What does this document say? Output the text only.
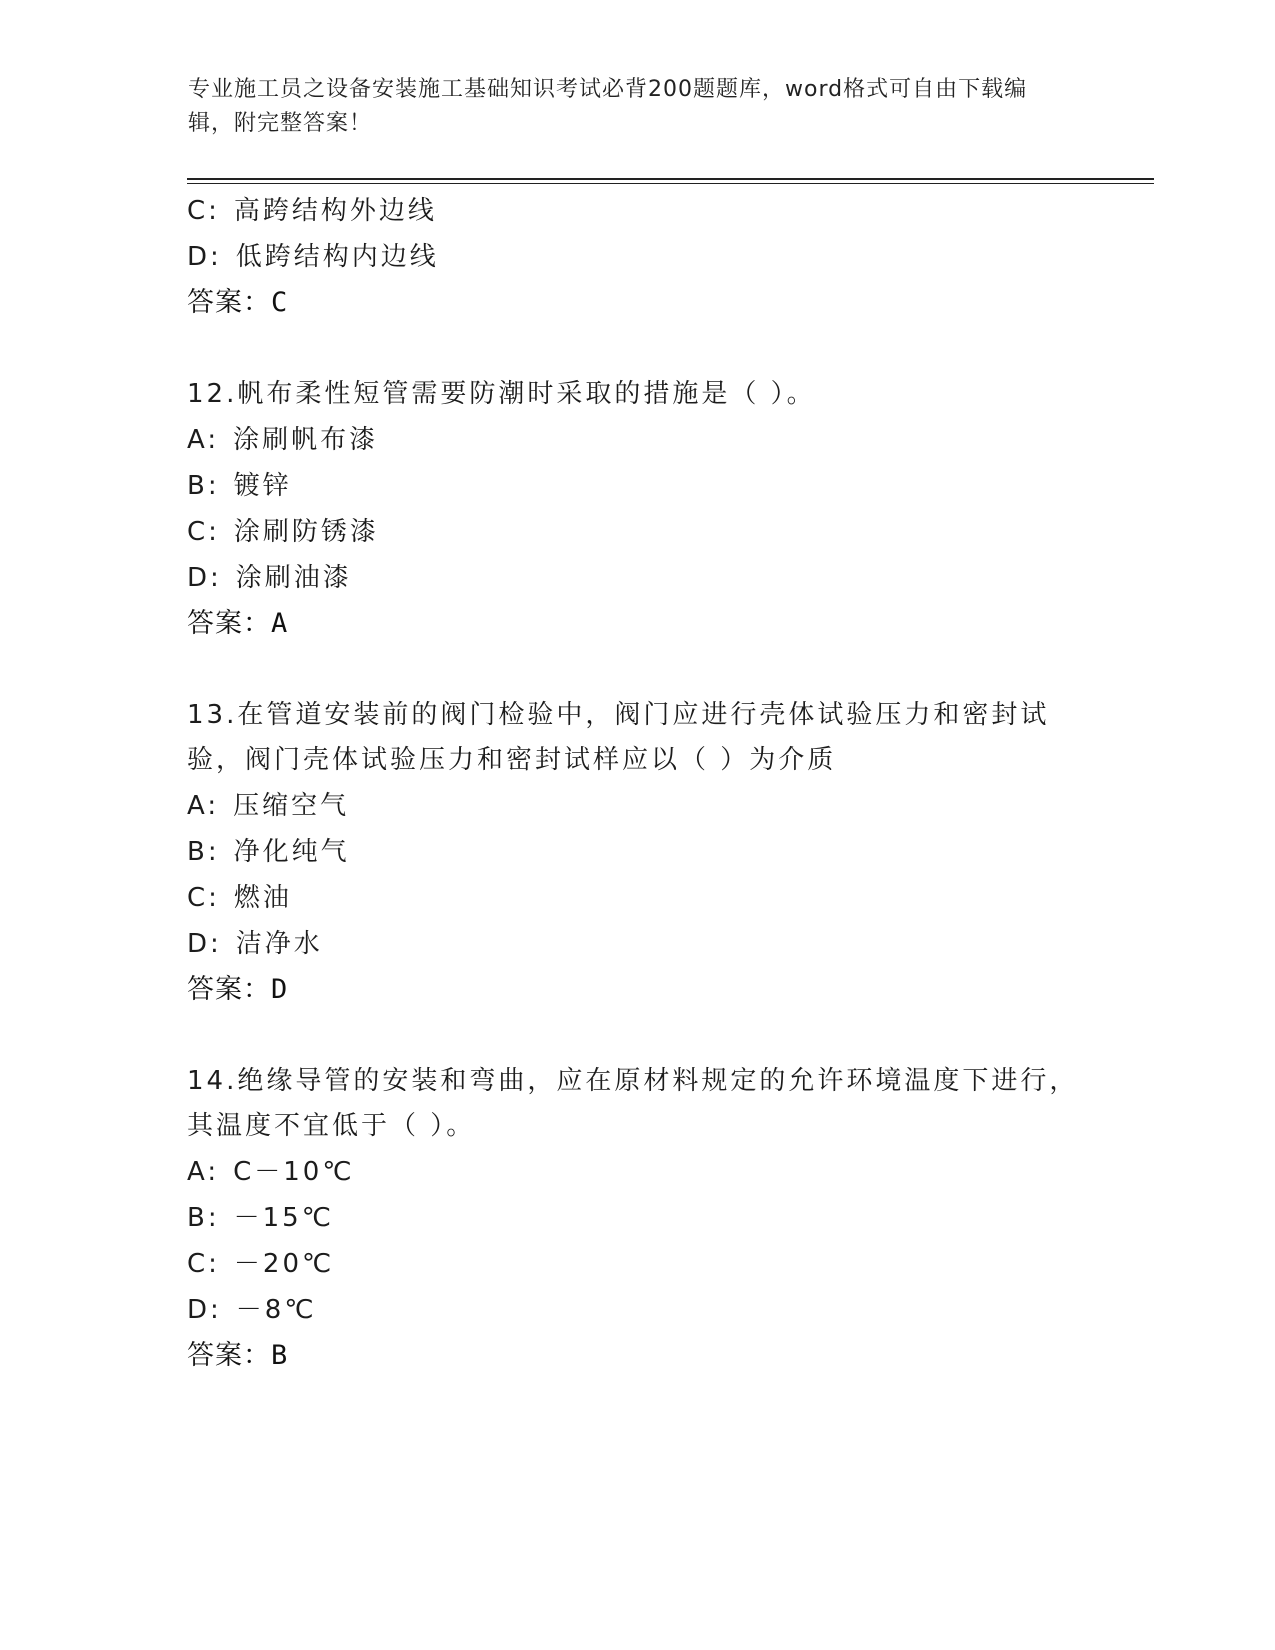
专业施工员之设备安装施工基础知识考试必背200题题库，word格式可自由下载编辑，附完整答案！
C: 高跨结构外边线
D: 低跨结构内边线
答案：C
12.帆布柔性短管需要防潮时采取的措施是（ ）。
A: 涂刷帆布漆
B: 镀锌
C: 涂刷防锈漆
D: 涂刷油漆
答案：A
13.在管道安装前的阀门检验中，阀门应进行壳体试验压力和密封试验，阀门壳体试验压力和密封试样应以（ ）为介质
A: 压缩空气
B: 净化纯气
C: 燃油
D: 洁净水
答案：D
14.绝缘导管的安装和弯曲，应在原材料规定的允许环境温度下进行，其温度不宜低于（ ）。
A: C－10℃
B: －15℃
C: －20℃
D: －8℃
答案：B
